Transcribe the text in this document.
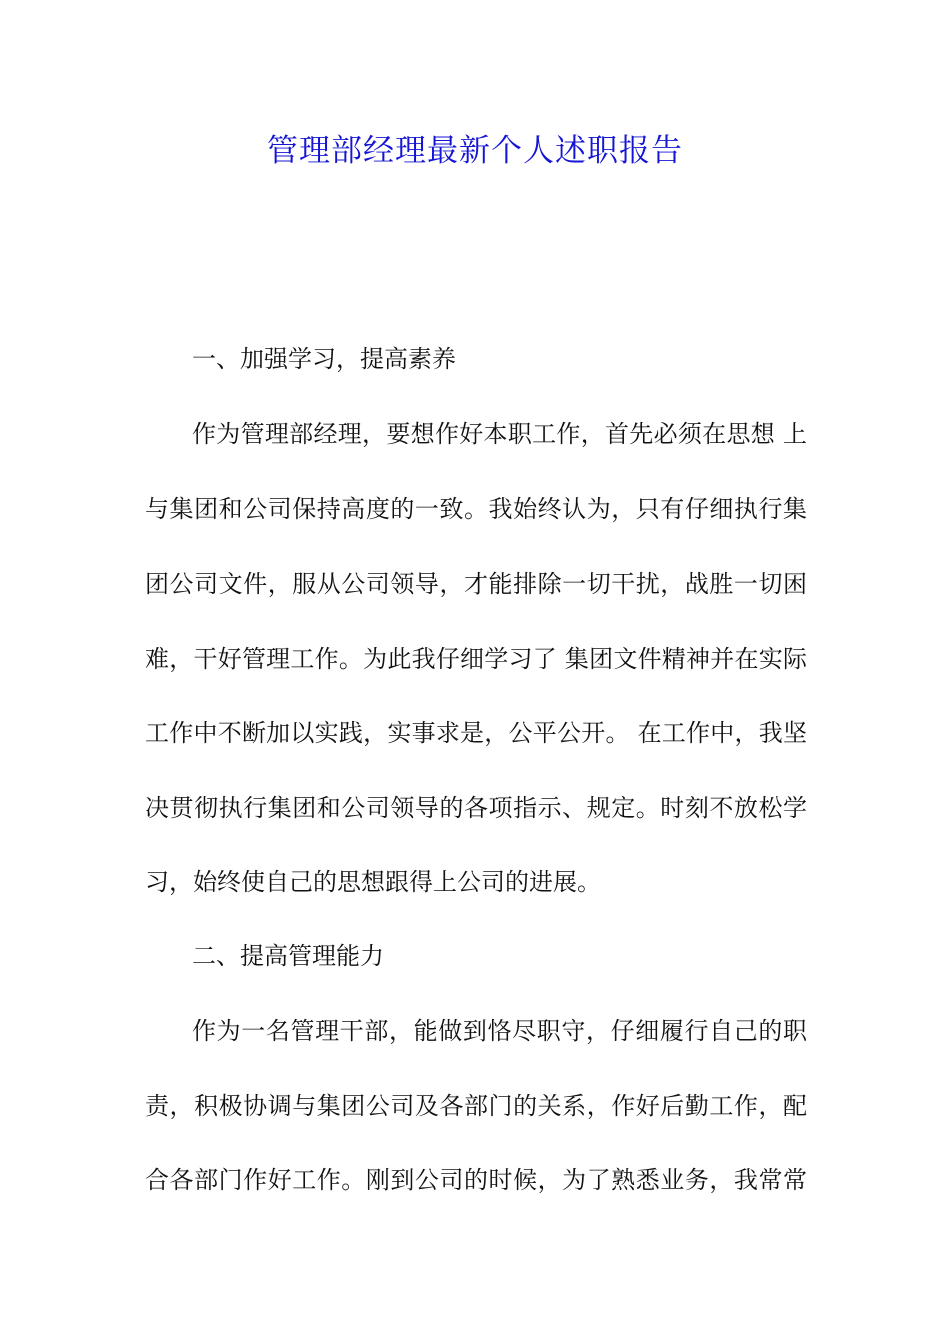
管理部经理最新个人述职报告
一、加强学习，提高素养
作为管理部经理，要想作好本职工作，首先必须在思想 上
与集团和公司保持高度的一致。我始终认为，只有仔细执行集
团公司文件，服从公司领导，才能排除一切干扰，战胜一切困
难，干好管理工作。为此我仔细学习了 集团文件精神并在实际
工作中不断加以实践，实事求是，公平公开。 在工作中，我坚
决贯彻执行集团和公司领导的各项指示、规定。时刻不放松学
习，始终使自己的思想跟得上公司的进展。
二、提高管理能力
作为一名管理干部，能做到恪尽职守，仔细履行自己的职
责，积极协调与集团公司及各部门的关系，作好后勤工作，配
合各部门作好工作。刚到公司的时候，为了熟悉业务，我常常
